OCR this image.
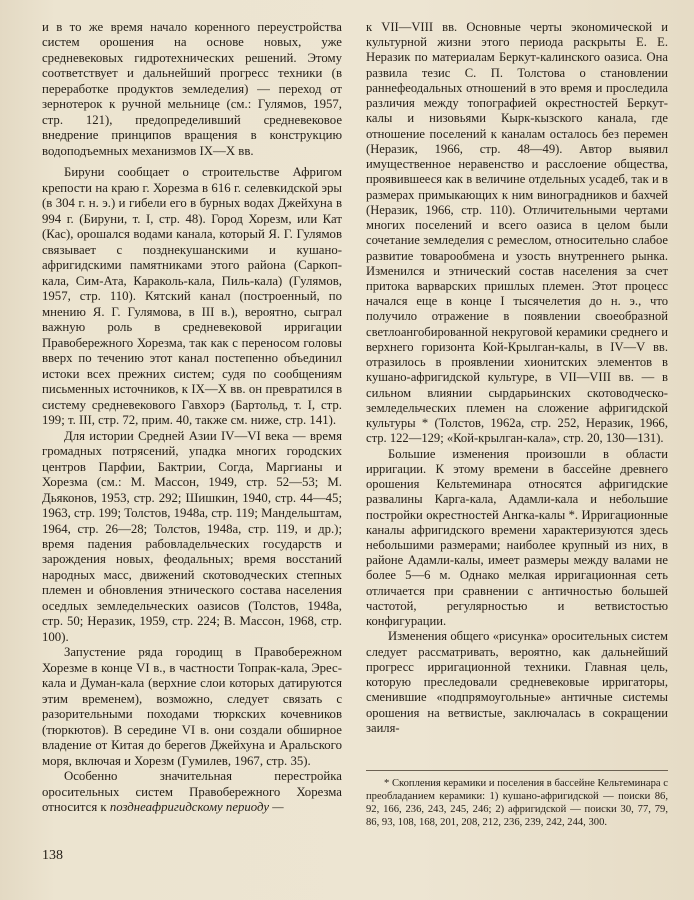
и в то же время начало коренного переустройства систем орошения на основе новых, уже средневековых гидротехнических решений. Этому соответствует и дальнейший прогресс техники (в переработке продуктов земледелия) — переход от зернотерок к ручной мельнице (см.: Гулямов, 1957, стр. 121), предопределивший средневековое внедрение принципов вращения в конструкцию водоподъемных механизмов IX—X вв.

Бируни сообщает о строительстве Афригом крепости на краю г. Хорезма в 616 г. селевкидской эры (в 304 г. н. э.) и гибели его в бурных водах Джейхуна в 994 г. (Бируни, т. I, стр. 48). Город Хорезм, или Кат (Кас), орошался водами канала, который Я. Г. Гулямов связывает с позднекушанскими и кушано-афригидскими памятниками этого района (Саркоп-кала, Сим-Ата, Караколь-кала, Пиль-кала) (Гулямов, 1957, стр. 110). Кятский канал (построенный, по мнению Я. Г. Гулямова, в III в.), вероятно, сыграл важную роль в средневековой ирригации Правобережного Хорезма, так как с переносом головы вверх по течению этот канал постепенно объединил истоки всех прежних систем; судя по сообщениям письменных источников, к IX—X вв. он превратился в систему средневекового Гавхорэ (Бартольд, т. I, стр. 199; т. III, стр. 72, прим. 40, также см. ниже, стр. 141).

Для истории Средней Азии IV—VI века — время громадных потрясений, упадка многих городских центров Парфии, Бактрии, Согда, Маргианы и Хорезма (см.: М. Массон, 1949, стр. 52—53; М. Дьяконов, 1953, стр. 292; Шишкин, 1940, стр. 44—45; 1963, стр. 199; Толстов, 1948а, стр. 119; Мандельштам, 1964, стр. 26—28; Толстов, 1948а, стр. 119, и др.); время падения рабовладельческих государств и зарождения новых, феодальных; время восстаний народных масс, движений скотоводческих степных племен и обновления этнического состава населения оседлых земледельческих оазисов (Толстов, 1948а, стр. 50; Неразик, 1959, стр. 224; В. Массон, 1968, стр. 100).

Запустение ряда городищ в Правобережном Хорезме в конце VI в., в частности Топрак-кала, Эрес-кала и Думан-кала (верхние слои которых датируются этим временем), возможно, следует связать с разорительными походами тюркских кочевников (тюркютов). В середине VI в. они создали обширное владение от Китая до берегов Джейхуна и Аральского моря, включая и Хорезм (Гумилев, 1967, стр. 35).

Особенно значительная перестройка оросительных систем Правобережного Хорезма относится к позднеафригидскому периоду —

к VII—VIII вв. Основные черты экономической и культурной жизни этого периода раскрыты Е. Е. Неразик по материалам Беркут-калинского оазиса. Она развила тезис С. П. Толстова о становлении раннефеодальных отношений в это время и проследила различия между топографией окрестностей Беркут-калы и низовьями Кырк-кызского канала, где отношение поселений к каналам осталось без перемен (Неразик, 1966, стр. 48—49). Автор выявил имущественное неравенство и расслоение общества, проявившееся как в величине отдельных усадеб, так и в размерах примыкающих к ним виноградников и бахчей (Неразик, 1966, стр. 110). Отличительными чертами многих поселений и всего оазиса в целом были сочетание земледелия с ремеслом, относительно слабое развитие товарообмена и узость внутреннего рынка. Изменился и этнический состав населения за счет притока варварских пришлых племен. Этот процесс начался еще в конце I тысячелетия до н. э., что получило отражение в появлении своеобразной светлоангобированной некруговой керамики среднего и верхнего горизонта Кой-Крылган-калы, в IV—V вв. отразилось в проявлении хионитских элементов в кушано-афригидской культуре, в VII—VIII вв. — в сильном влиянии сырдарьинских скотоводческо-земледельческих племен на сложение афригидской культуры * (Толстов, 1962а, стр. 252, Неразик, 1966, стр. 122—129; «Кой-крылган-кала», стр. 20, 130—131).

Большие изменения произошли в области ирригации. К этому времени в бассейне древнего орошения Кельтеминара относятся афригидские развалины Карга-кала, Адамли-кала и небольшие постройки окрестностей Ангка-калы *. Ирригационные каналы афригидского времени характеризуются здесь небольшими размерами; наиболее крупный из них, в районе Адамли-калы, имеет размеры между валами не более 5—6 м. Однако мелкая ирригационная сеть отличается при сравнении с античностью большей частотой, регулярностью и ветвистостью конфигурации.

Изменения общего «рисунка» оросительных систем следует рассматривать, вероятно, как дальнейший прогресс ирригационной техники. Главная цель, которую преследовали средневековые ирригаторы, сменившие «подпрямоугольные» античные системы орошения на ветвистые, заключалась в сокращении заиля-

* Скопления керамики и поселения в бассейне Кельтеминара с преобладанием керамики: 1) кушано-афригидской — поиски 86, 92, 166, 236, 243, 245, 246; 2) афригидской — поиски 30, 77, 79, 86, 93, 108, 168, 201, 208, 212, 236, 239, 242, 244, 300.

138
